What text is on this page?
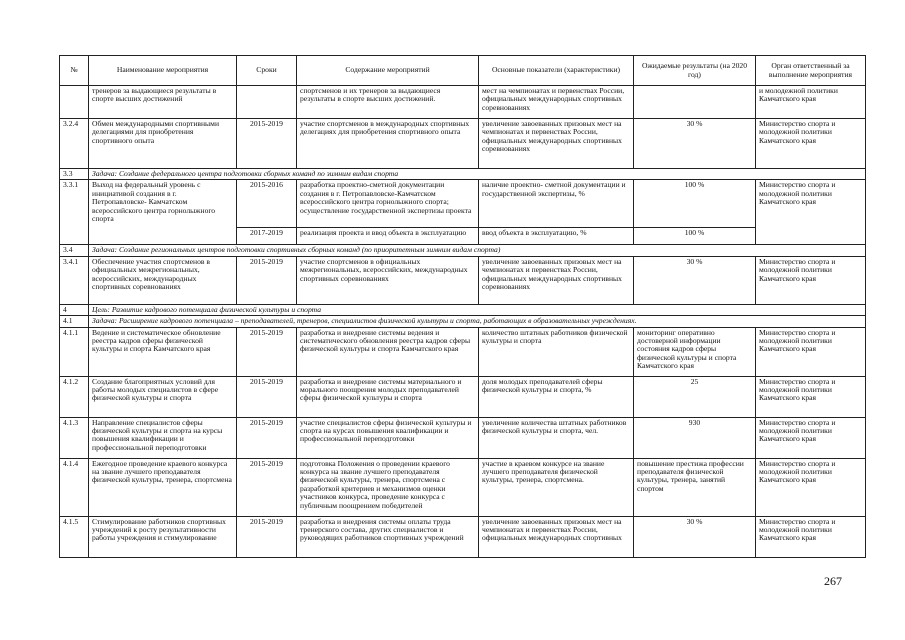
№	Наименование мероприятия	Сроки	Содержание мероприятий	Основные показатели (характеристики)	Ожидаемые результаты (на 2020 год)	Орган ответственный за выполнение мероприятия
	тренеров за выдающиеся результаты в спорте высших достижений		спортсменов и их тренеров за выдающиеся результаты в спорте высших достижений.	мест на чемпионатах и первенствах России, официальных международных спортивных соревнованиях		и молодежной политики Камчатского края
3.2.4	Обмен международными спортивными делегациями для приобретения спортивного опыта	2015-2019	участие спортсменов в международных спортивных делегациях для приобретения спортивного опыта	увеличение завоеванных призовых мест на чемпионатах и первенствах России, официальных международных спортивных соревнованиях	30 %	Министерство спорта и молодежной политики Камчатского края
3.3	Задача: Создание федерального центра подготовки сборных команд по зимним видам спорта					
3.3.1	Выход на федеральный уровень с инициативой создания в г. Петропавловске- Камчатском всероссийского центра горнолыжного спорта	2015-2016	разработка проектно-сметной документации создания в г. Петропавловске-Камчатском всероссийского центра горнолыжного спорта; осуществление государственной экспертизы проекта	наличие проектно- сметной документации и государственной экспертизы, %	100 %	Министерство спорта и молодежной политики Камчатского края
		2017-2019	реализация проекта и ввод объекта в эксплуатацию	ввод объекта в эксплуатацию, %	100 %	
3.4	Задача: Создание региональных центров подготовки спортивных сборных команд (по приоритетным зимним видам спорта)					
3.4.1	Обеспечение участия спортсменов в официальных межрегиональных, всероссийских, международных спортивных соревнованиях	2015-2019	участие спортсменов в официальных межрегиональных, всероссийских, международных спортивных соревнованиях	увеличение завоеванных призовых мест на чемпионатах и первенствах России, официальных международных спортивных соревнованиях	30 %	Министерство спорта и молодежной политики Камчатского края
4	Цель: Развитие кадрового потенциала физической культуры и спорта					
4.1	Задача: Расширение кадрового потенциала – преподавателей, тренеров, специалистов физической культуры и спорта, работающих в образовательных учреждениях.					
4.1.1	Ведение и систематическое обновление реестра кадров сферы физической культуры и спорта Камчатского края	2015-2019	разработка и внедрение системы ведения и систематического обновления реестра кадров сферы физической культуры и спорта Камчатского края	количество штатных работников физической культуры и спорта	мониторинг оперативно достоверной информации состояния кадров сферы физической культуры и спорта Камчатского края	Министерство спорта и молодежной политики Камчатского края
4.1.2	Создание благоприятных условий для работы молодых специалистов в сфере физической культуры и спорта	2015-2019	разработка и внедрение системы материального и морального поощрения молодых преподавателей сферы физической культуры и спорта	доля молодых преподавателей сферы физической культуры и спорта, %	25	Министерство спорта и молодежной политики Камчатского края
4.1.3	Направление специалистов сферы физической культуры и спорта на курсы повышения квалификации и профессиональной переподготовки	2015-2019	участие специалистов сферы физической культуры и спорта на курсах повышения квалификации и профессиональной переподготовки	увеличение количества штатных работников физической культуры и спорта, чел.	930	Министерство спорта и молодежной политики Камчатского края
4.1.4	Ежегодное проведение краевого конкурса на звание лучшего преподавателя физической культуры, тренера, спортсмена	2015-2019	подготовка Положения о проведении краевого конкурса на звание лучшего преподавателя физической культуры, тренера, спортсмена с разработкой критериев и механизмов оценки участников конкурса, проведение конкурса с публичным поощрением победителей	участие в краевом конкурсе на звание лучшего преподавателя физической культуры, тренера, спортсмена.	повышение престижа профессии преподавателя физической культуры, тренера, занятий спортом	Министерство спорта и молодежной политики Камчатского края
4.1.5	Стимулирование работников спортивных учреждений к росту результативности работы учреждения и стимулирование	2015-2019	разработка и внедрения системы оплаты труда тренерского состава, других специалистов и руководящих работников спортивных учреждений	увеличение завоеванных призовых мест на чемпионатах и первенствах России, официальных международных спортивных	30 %	Министерство спорта и молодежной политики Камчатского края
267
